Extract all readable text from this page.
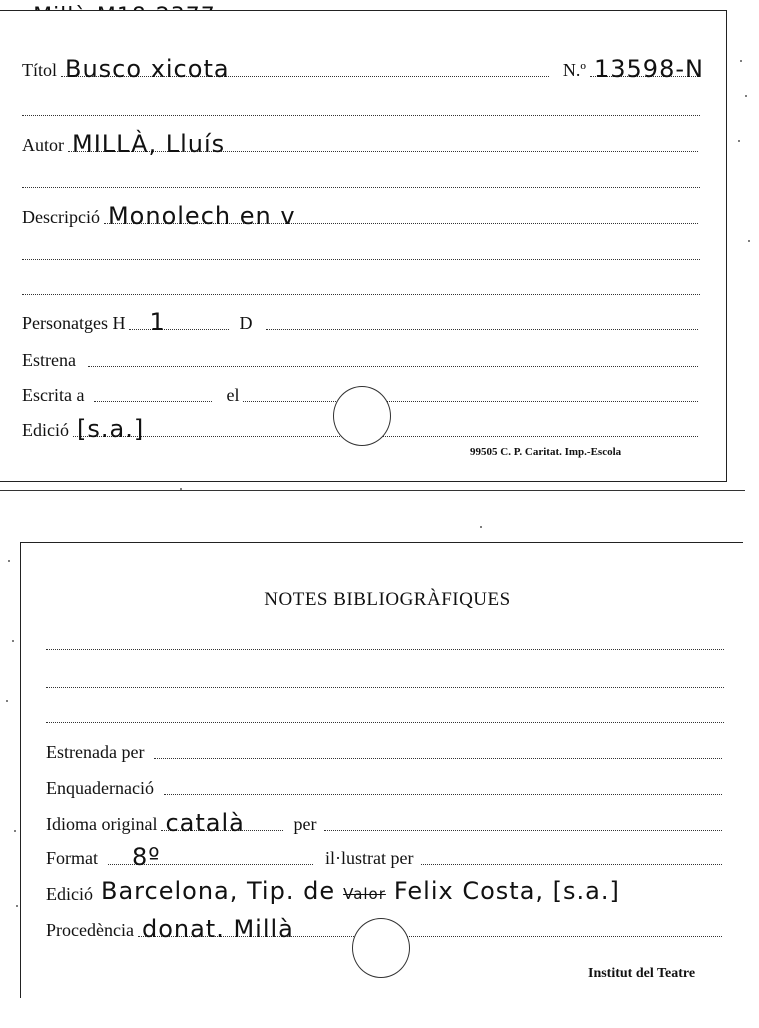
Títol Busco xicota	N.º 13598-N
Autor MILLÀ, Lluís
Descripció Monolech en v
Personatges H 1	D
Estrena
Escrita a	el
Edició [s.a.]
99505 C. P. Caritat. Imp.-Escola
NOTES BIBLIOGRÀFIQUES
Estrenada per
Enquadernació
Idioma original català	per
Format 8º	il·lustrat per
Edició Barcelona, Tip. de Valor Felix Costa, [s.a.]
Procedència donat. Millà
Institut del Teatre
